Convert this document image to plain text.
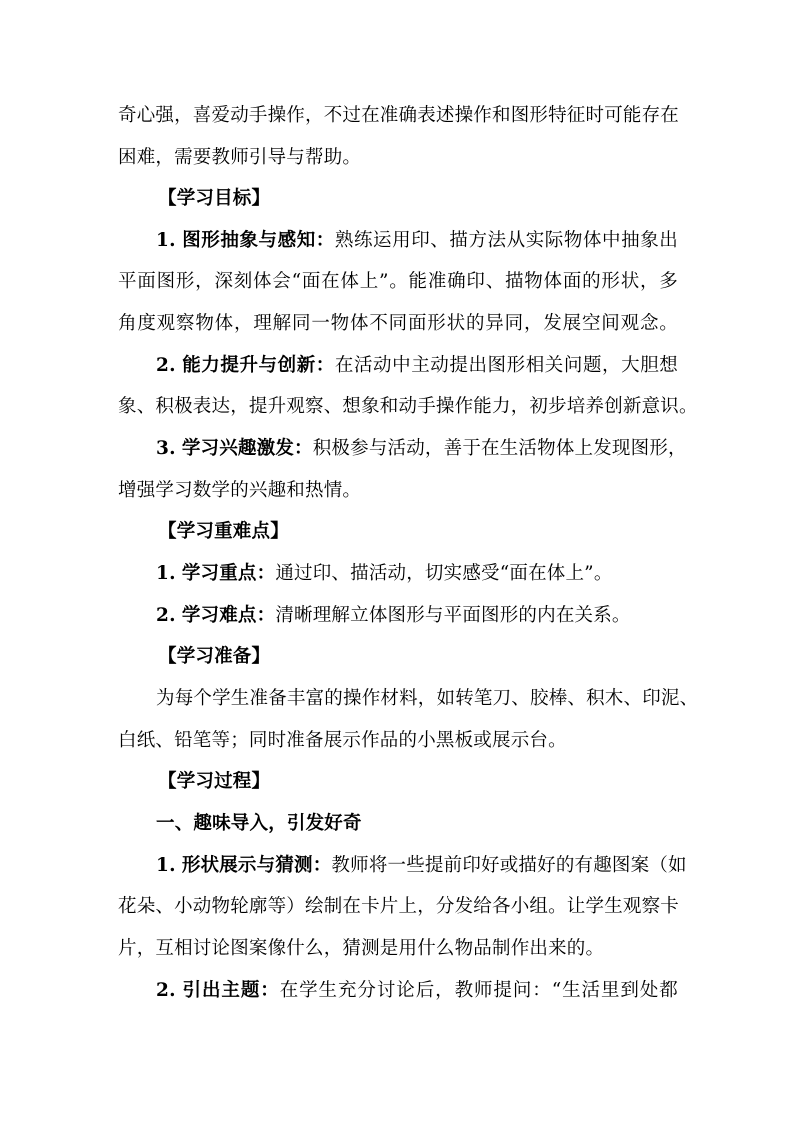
奇心强，喜爱动手操作，不过在准确表述操作和图形特征时可能存在
困难，需要教师引导与帮助。
【学习目标】
1. 图形抽象与感知：熟练运用印、描方法从实际物体中抽象出
平面图形，深刻体会“面在体上”。能准确印、描物体面的形状，多
角度观察物体，理解同一物体不同面形状的异同，发展空间观念。
2. 能力提升与创新：在活动中主动提出图形相关问题，大胆想
象、积极表达，提升观察、想象和动手操作能力，初步培养创新意识。
3. 学习兴趣激发：积极参与活动，善于在生活物体上发现图形，
增强学习数学的兴趣和热情。
【学习重难点】
1. 学习重点：通过印、描活动，切实感受“面在体上”。
2. 学习难点：清晰理解立体图形与平面图形的内在关系。
【学习准备】
为每个学生准备丰富的操作材料，如转笔刀、胶棒、积木、印泥、
白纸、铅笔等；同时准备展示作品的小黑板或展示台。
【学习过程】
一、趣味导入，引发好奇
1. 形状展示与猜测：教师将一些提前印好或描好的有趣图案（如
花朵、小动物轮廓等）绘制在卡片上，分发给各小组。让学生观察卡
片，互相讨论图案像什么，猜测是用什么物品制作出来的。
2. 引出主题：在学生充分讨论后，教师提问：“生活里到处都
